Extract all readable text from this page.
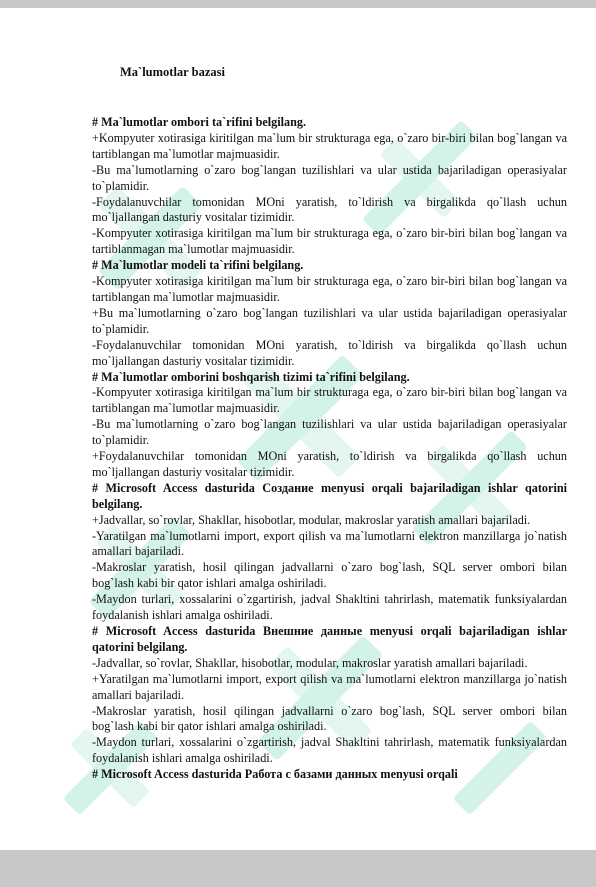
Ma`lumotlar bazasi

# Ma`lumotlar ombori ta`rifini belgilang.

+Kompyuter xotirasiga kiritilgan ma`lum bir strukturaga ega, o`zaro bir-biri bilan bog`langan va tartiblangan ma`lumotlar majmuasidir.

-Bu ma`lumotlarning o`zaro bog`langan tuzilishlari va ular ustida bajariladigan operasiyalar to`plamidir.

-Foydalanuvchilar tomonidan MOni yaratish, to`ldirish va birgalikda qo`llash uchun mo`ljallangan dasturiy vositalar tizimidir.

-Kompyuter xotirasiga kiritilgan ma`lum bir strukturaga ega, o`zaro bir-biri bilan bog`langan va tartiblanmagan ma`lumotlar majmuasidir.

# Ma`lumotlar modeli ta`rifini belgilang.

-Kompyuter xotirasiga kiritilgan ma`lum bir strukturaga ega, o`zaro bir-biri bilan bog`langan va tartiblangan ma`lumotlar majmuasidir.

+Bu ma`lumotlarning o`zaro bog`langan tuzilishlari va ular ustida bajariladigan operasiyalar to`plamidir.

-Foydalanuvchilar tomonidan MOni yaratish, to`ldirish va birgalikda qo`llash uchun mo`ljallangan dasturiy vositalar tizimidir.

# Ma`lumotlar omborini boshqarish tizimi ta`rifini belgilang.

-Kompyuter xotirasiga kiritilgan ma`lum bir strukturaga ega, o`zaro bir-biri bilan bog`langan va tartiblangan ma`lumotlar majmuasidir.

-Bu ma`lumotlarning o`zaro bog`langan tuzilishlari va ular ustida bajariladigan operasiyalar to`plamidir.

+Foydalanuvchilar tomonidan MOni yaratish, to`ldirish va birgalikda qo`llash uchun mo`ljallangan dasturiy vositalar tizimidir.

# Microsoft Access dasturida Создание menyusi orqali bajariladigan ishlar qatorini belgilang.

+Jadvallar, so`rovlar, Shakllar, hisobotlar, modular, makroslar yaratish amallari bajariladi.

-Yaratilgan ma`lumotlarni import, export qilish va ma`lumotlarni elektron manzillarga jo`natish amallari bajariladi.

-Makroslar yaratish, hosil qilingan jadvallarni o`zaro bog`lash, SQL server ombori bilan bog`lash kabi bir qator ishlari amalga oshiriladi.

-Maydon turlari, xossalarini o`zgartirish, jadval Shakltini tahrirlash, matematik funksiyalardan foydalanish ishlari amalga oshiriladi.

# Microsoft Access dasturida Внешние данные menyusi orqali bajariladigan ishlar qatorini belgilang.

-Jadvallar, so`rovlar, Shakllar, hisobotlar, modular, makroslar yaratish amallari bajariladi.

+Yaratilgan ma`lumotlarni import, export qilish va ma`lumotlarni elektron manzillarga jo`natish amallari bajariladi.

-Makroslar yaratish, hosil qilingan jadvallarni o`zaro bog`lash, SQL server ombori bilan bog`lash kabi bir qator ishlari amalga oshiriladi.

-Maydon turlari, xossalarini o`zgartirish, jadval Shakltini tahrirlash, matematik funksiyalardan foydalanish ishlari amalga oshiriladi.

# Microsoft Access dasturida Работа с базами данных menyusi orqali
